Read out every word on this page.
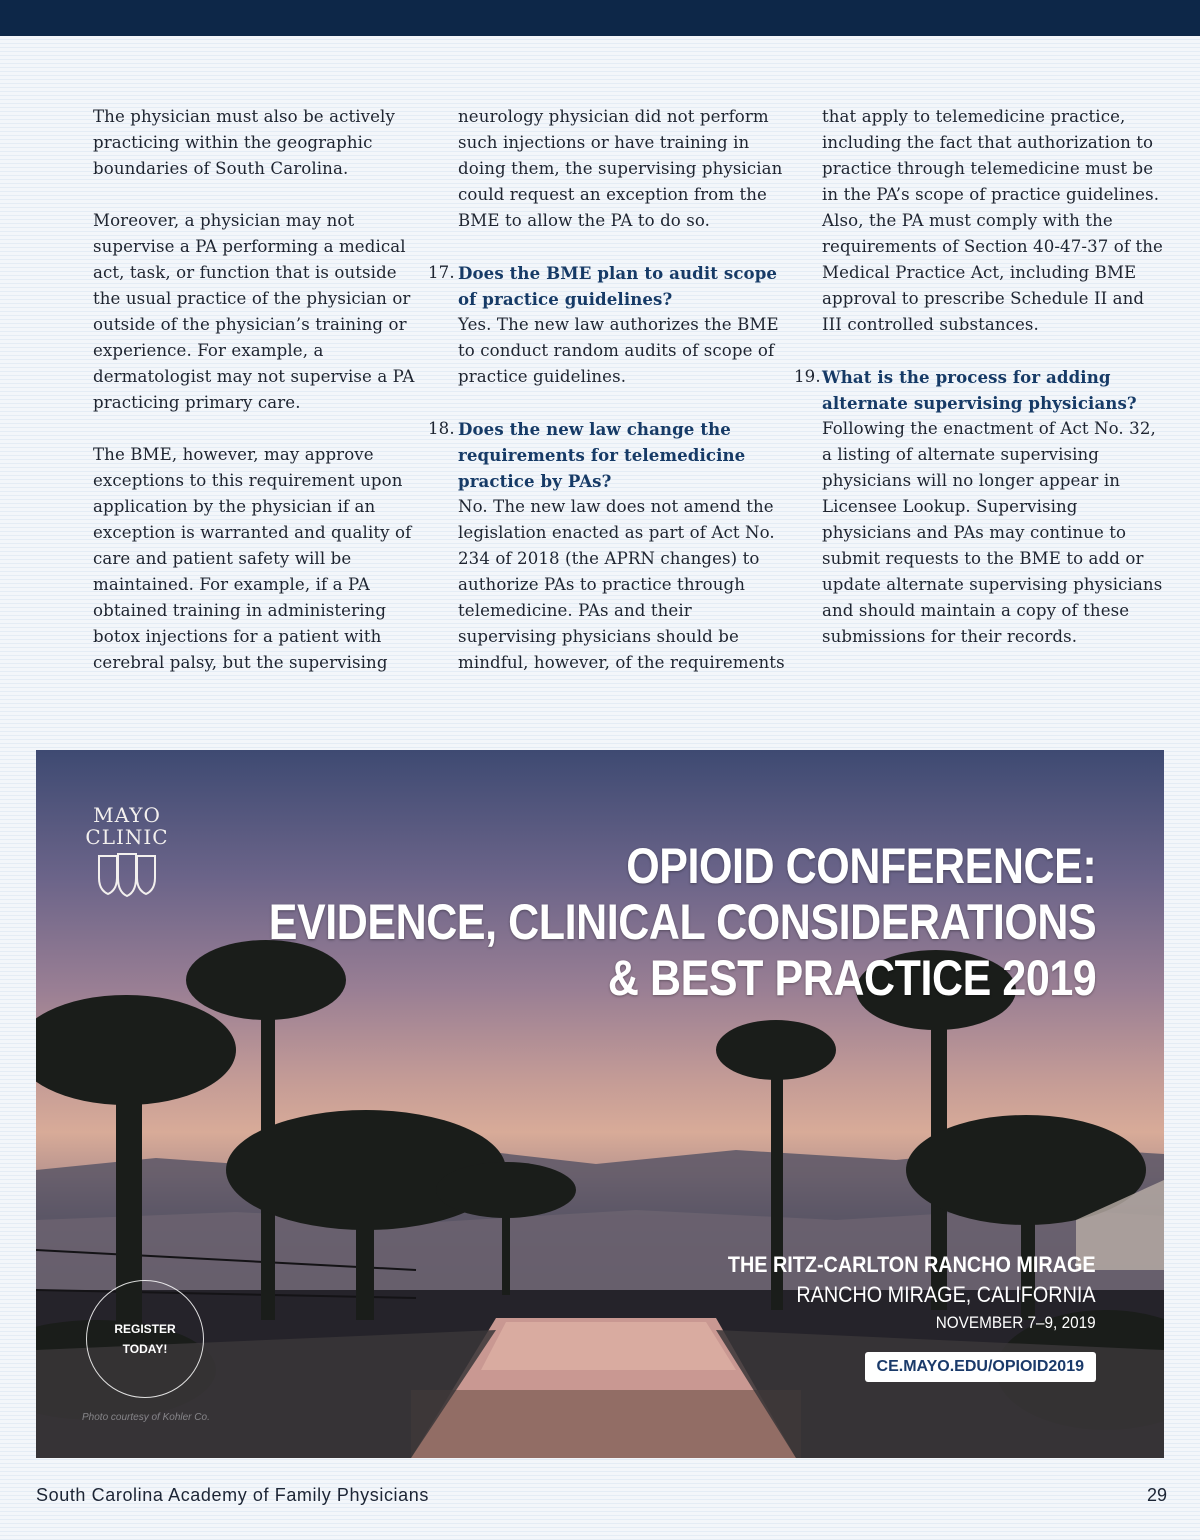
The physician must also be actively practicing within the geographic boundaries of South Carolina.

Moreover, a physician may not supervise a PA performing a medical act, task, or function that is outside the usual practice of the physician or outside of the physician’s training or experience. For example, a dermatologist may not supervise a PA practicing primary care.

The BME, however, may approve exceptions to this requirement upon application by the physician if an exception is warranted and quality of care and patient safety will be maintained. For example, if a PA obtained training in administering botox injections for a patient with cerebral palsy, but the supervising

neurology physician did not perform such injections or have training in doing them, the supervising physician could request an exception from the BME to allow the PA to do so.

17. Does the BME plan to audit scope of practice guidelines?
Yes. The new law authorizes the BME to conduct random audits of scope of practice guidelines.
18. Does the new law change the requirements for telemedicine practice by PAs?
No. The new law does not amend the legislation enacted as part of Act No. 234 of 2018 (the APRN changes) to authorize PAs to practice through telemedicine. PAs and their supervising physicians should be mindful, however, of the requirements

that apply to telemedicine practice, including the fact that authorization to practice through telemedicine must be in the PA’s scope of practice guidelines. Also, the PA must comply with the requirements of Section 40-47-37 of the Medical Practice Act, including BME approval to prescribe Schedule II and III controlled substances.

19. What is the process for adding alternate supervising physicians?
Following the enactment of Act No. 32, a listing of alternate supervising physicians will no longer appear in Licensee Lookup. Supervising physicians and PAs may continue to submit requests to the BME to add or update alternate supervising physicians and should maintain a copy of these submissions for their records.
MAYO
CLINIC
OPIOID CONFERENCE:
EVIDENCE, CLINICAL CONSIDERATIONS
& BEST PRACTICE 2019
THE RITZ-CARLTON RANCHO MIRAGE
RANCHO MIRAGE, CALIFORNIA
NOVEMBER 7–9, 2019
CE.MAYO.EDU/OPIOID2019
REGISTER
TODAY!
Photo courtesy of Kohler Co.
South Carolina Academy of Family Physicians	29
